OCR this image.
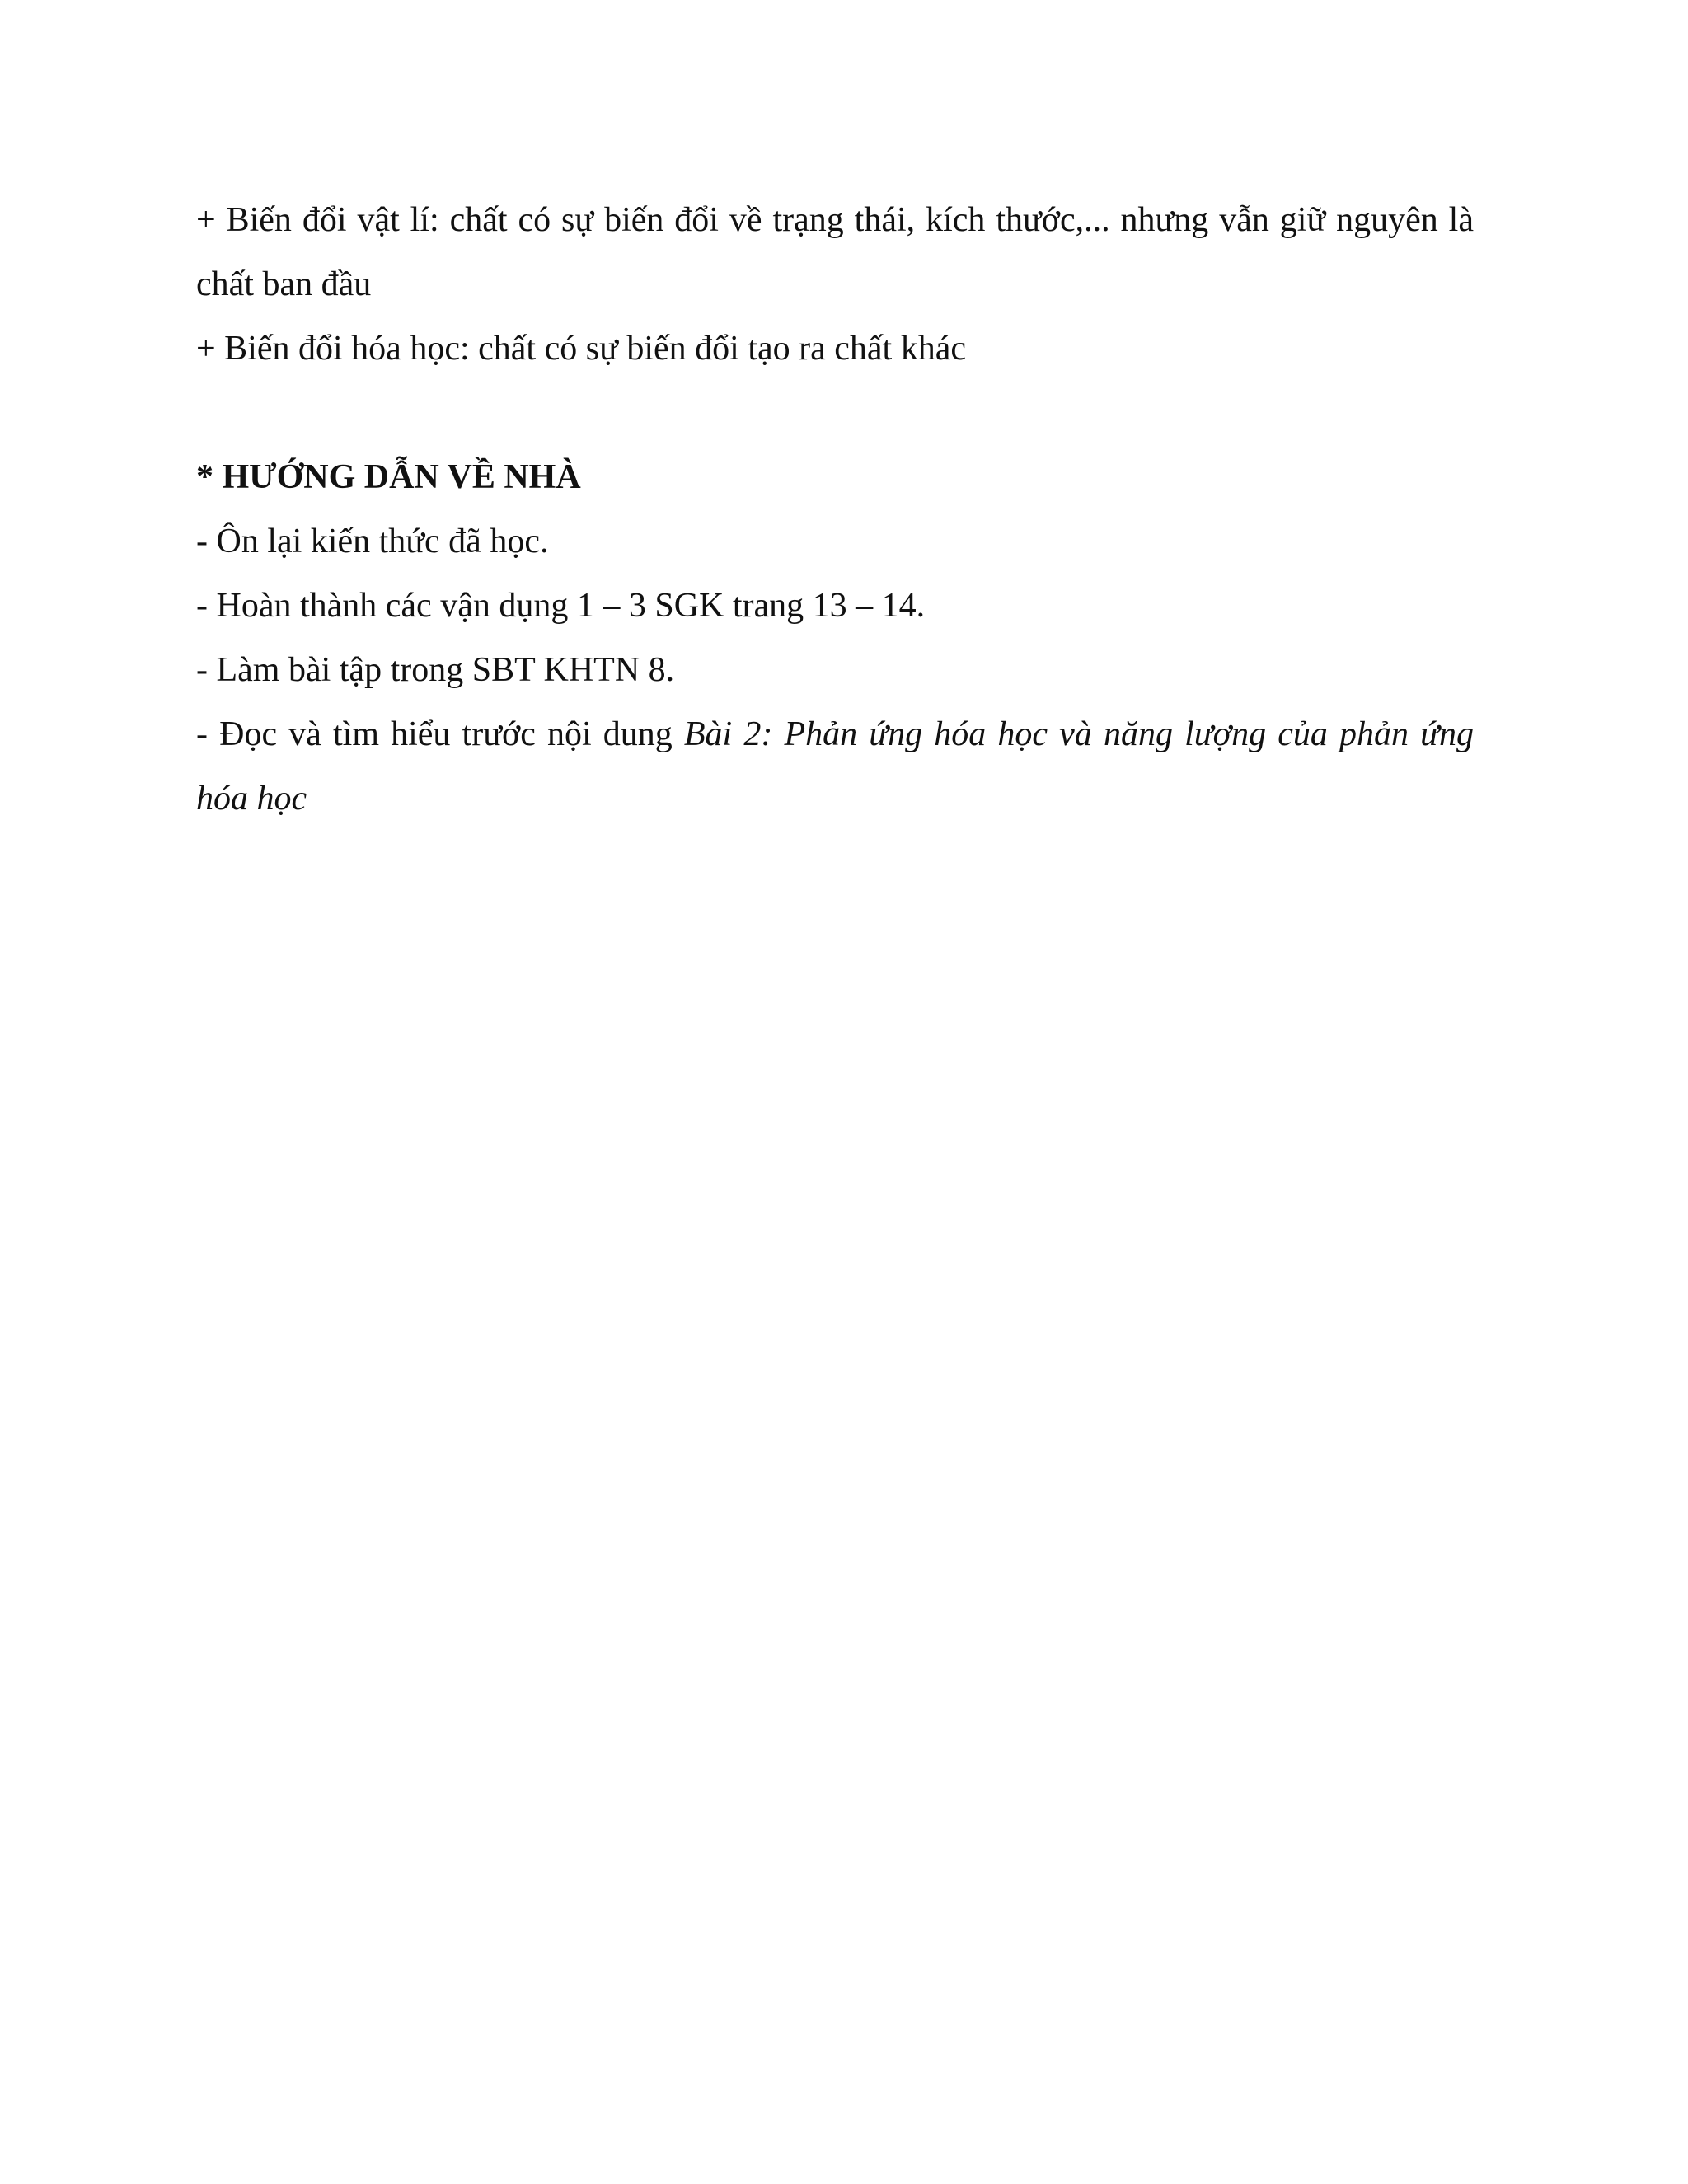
+ Biến đổi vật lí: chất có sự biến đổi về trạng thái, kích thước,... nhưng vẫn giữ nguyên là chất ban đầu

+ Biến đổi hóa học: chất có sự biến đổi tạo ra chất khác

* HƯỚNG DẪN VỀ NHÀ

- Ôn lại kiến thức đã học.

- Hoàn thành các vận dụng 1 – 3 SGK trang 13 – 14.

- Làm bài tập trong SBT KHTN 8.

- Đọc và tìm hiểu trước nội dung Bài 2: Phản ứng hóa học và năng lượng của phản ứng hóa học
